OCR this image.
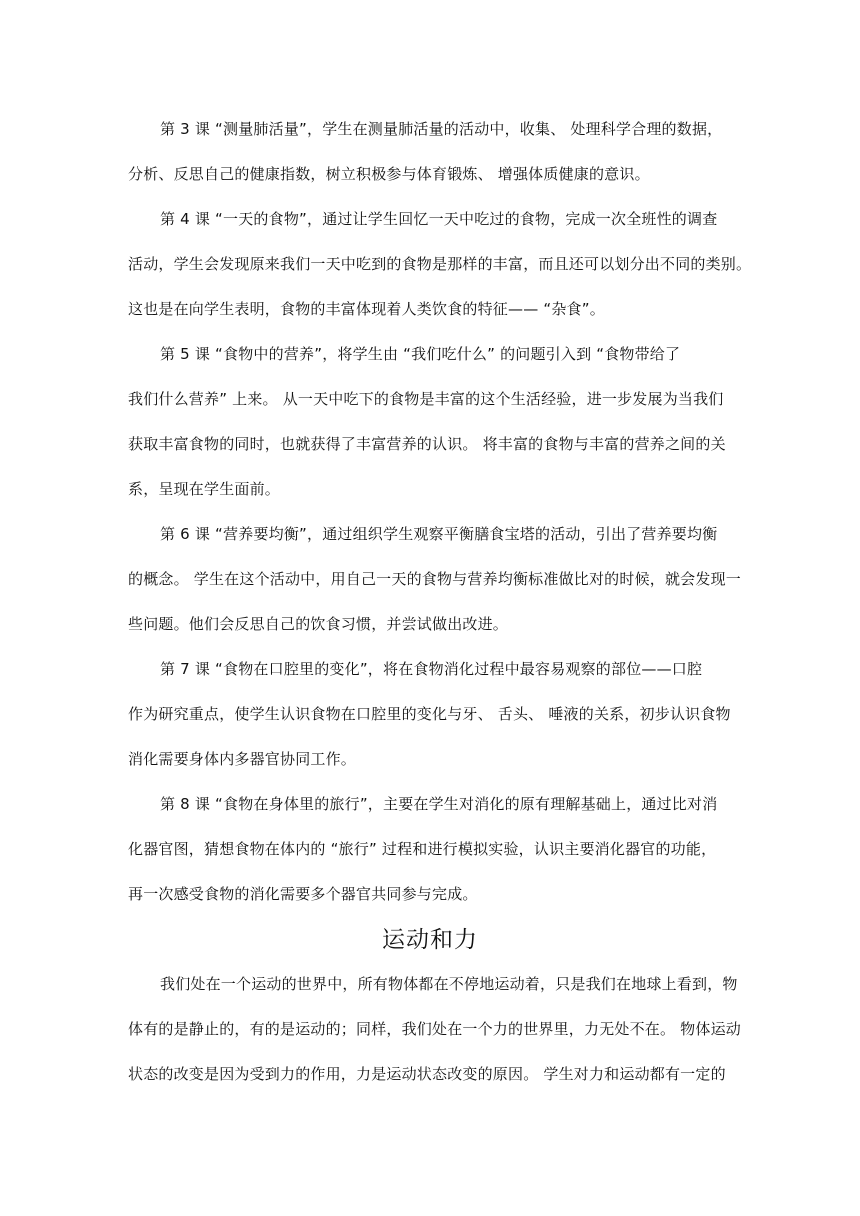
第 3 课 “测量肺活量”，学生在测量肺活量的活动中，收集、 处理科学合理的数据，
分析、反思自己的健康指数，树立积极参与体育锻炼、 增强体质健康的意识。
第 4 课 “一天的食物”，通过让学生回忆一天中吃过的食物，完成一次全班性的调查
活动，学生会发现原来我们一天中吃到的食物是那样的丰富，而且还可以划分出不同的类别。
这也是在向学生表明，食物的丰富体现着人类饮食的特征—— “杂食”。
第 5 课 “食物中的营养”，将学生由 “我们吃什么” 的问题引入到 “食物带给了
我们什么营养” 上来。 从一天中吃下的食物是丰富的这个生活经验，进一步发展为当我们
获取丰富食物的同时，也就获得了丰富营养的认识。 将丰富的食物与丰富的营养之间的关
系，呈现在学生面前。
第 6 课 “营养要均衡”，通过组织学生观察平衡膳食宝塔的活动，引出了营养要均衡
的概念。 学生在这个活动中，用自己一天的食物与营养均衡标准做比对的时候，就会发现一
些问题。他们会反思自己的饮食习惯，并尝试做出改进。
第 7 课 “食物在口腔里的变化”，将在食物消化过程中最容易观察的部位——口腔
作为研究重点，使学生认识食物在口腔里的变化与牙、 舌头、 唾液的关系，初步认识食物
消化需要身体内多器官协同工作。
第 8 课 “食物在身体里的旅行”，主要在学生对消化的原有理解基础上，通过比对消
化器官图，猜想食物在体内的 “旅行” 过程和进行模拟实验，认识主要消化器官的功能，
再一次感受食物的消化需要多个器官共同参与完成。
运动和力
我们处在一个运动的世界中，所有物体都在不停地运动着，只是我们在地球上看到，物
体有的是静止的，有的是运动的；同样，我们处在一个力的世界里，力无处不在。 物体运动
状态的改变是因为受到力的作用，力是运动状态改变的原因。 学生对力和运动都有一定的
